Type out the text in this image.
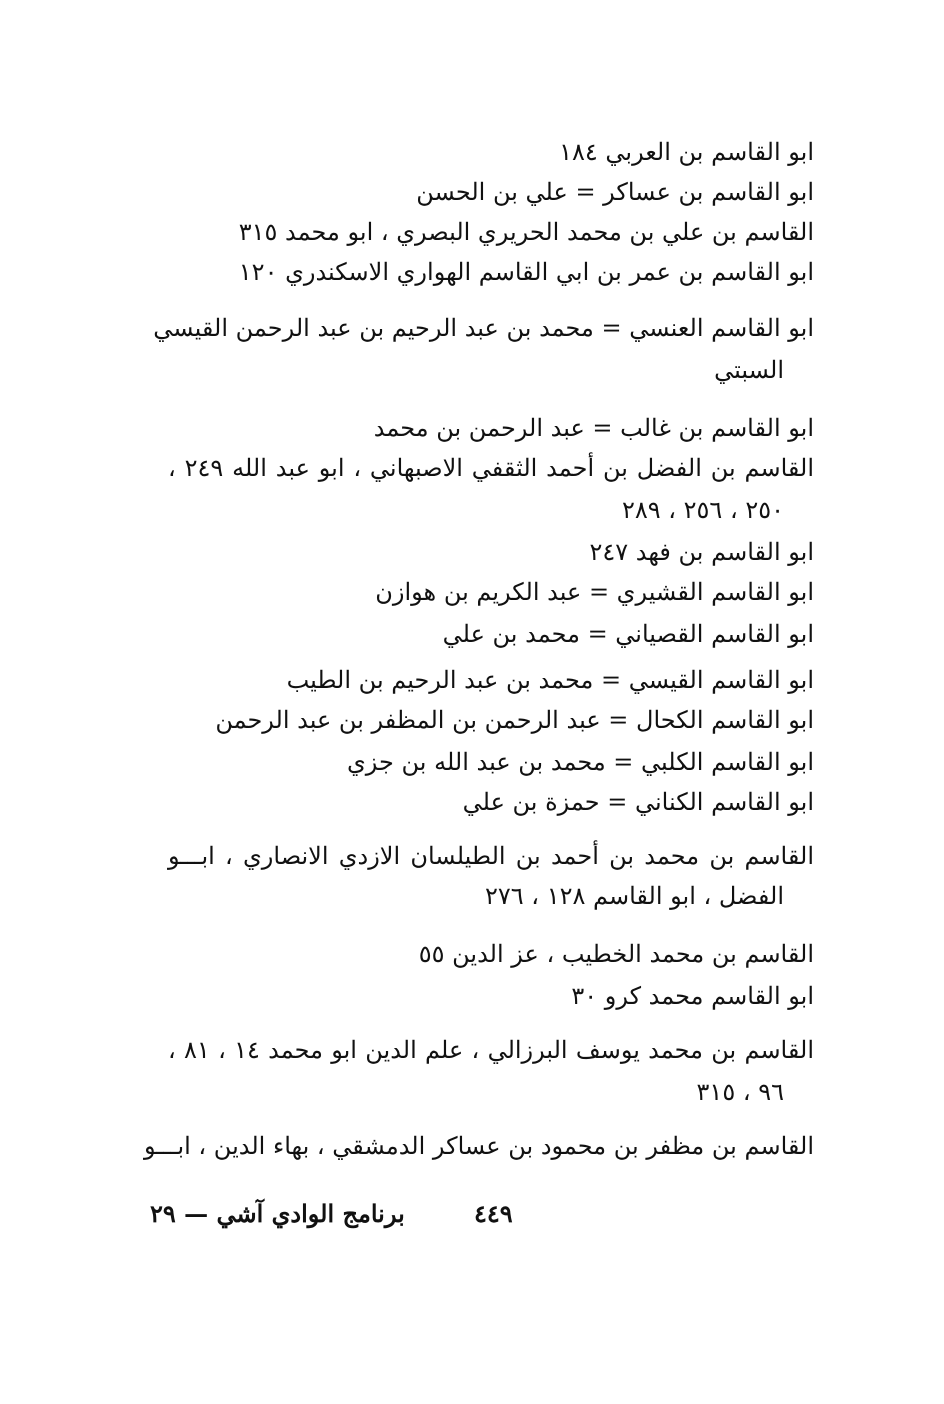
ابو القاسم بن العربي ١٨٤
ابو القاسم بن عساكر = علي بن الحسن
القاسم بن علي بن محمد الحريري البصري ، ابو محمد ٣١٥
ابو القاسم بن عمر بن ابي القاسم الهواري الاسكندري ١٢٠
ابو القاسم العنسي = محمد بن عبد الرحيم بن عبد الرحمن القيسي
السبتي
ابو القاسم بن غالب = عبد الرحمن بن محمد
القاسم بن الفضل بن أحمد الثقفي الاصبهاني ، ابو عبد الله ٢٤٩ ،
٢٥٠ ، ٢٥٦ ، ٢٨٩
ابو القاسم بن فهد ٢٤٧
ابو القاسم القشيري = عبد الكريم بن هوازن
ابو القاسم القصياني = محمد بن علي
ابو القاسم القيسي = محمد بن عبد الرحيم بن الطيب
ابو القاسم الكحال = عبد الرحمن بن المظفر بن عبد الرحمن
ابو القاسم الكلبي = محمد بن عبد الله بن جزي
ابو القاسم الكناني = حمزة بن علي
القاسم بن محمد بن أحمد بن الطيلسان الازدي الانصاري ، ابـــو
الفضل ، ابو القاسم ١٢٨ ، ٢٧٦
القاسم بن محمد الخطيب ، عز الدين ٥٥
ابو القاسم محمد كرو ٣٠
القاسم بن محمد يوسف البرزالي ، علم الدين ابو محمد ١٤ ، ٨١ ،
٩٦ ، ٣١٥
القاسم بن مظفر بن محمود بن عساكر الدمشقي ، بهاء الدين ، ابـــو
برنامج الوادي آشي — ٢٩	٤٤٩
